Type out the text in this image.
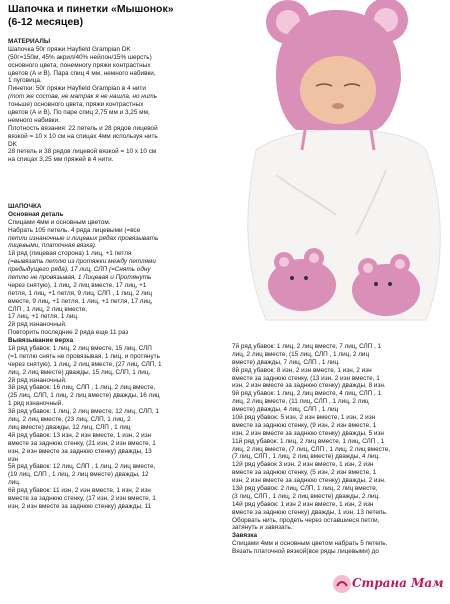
Шапочка и пинетки «Мышонок»
(6-12 месяцев)
МАТЕРИАЛЫ
Шапочка 50г пряжи Hayfield Grampian DK
(50г=150м, 45% акрил/40% нейлон/15% шерсть)
основного цвета, понемногу пряжи контрастных
цветов (А и В). Пара спиц 4 мм, немного набивки,
1 пуговица.
Пинетки: 50г пряжи Hayfield Grampian в 4 нити
(тот же состав, не матрак я не нашла, но нить
тоньше) основного цвета, пряжи контрастных
цветов (А и В), По паре спиц 2,75 мм и 3,25 мм,
немного набивки.
Плотность вязания: 22 петель и 28 рядов лицевой
вязкой = 10 х 10 см на спицах 4мм используя нить
DK
28 петель и 38 рядов лицевой вязкой = 10 х 10 см
на спицах 3,25 мм пряжей в 4 нити.
ШАПОЧКА
Основная деталь
Спицами 4мм и основным цветом.
Набрать 105 петель. 4 ряда лицевыми (=все
петли изнаночные и лицевых рядах провязывать
лицевыми, платочная вязка).
1й ряд (лицевая сторона) 1 лиц, +1 петля
(=вывязать петлю из протяжки между петлями
предыдущего ряда), 17 лиц, СЛП (=Снять одну
петлю не провязывая, 1 Лицевая и Протянуть
через снятую), 1 лиц, 2 лиц вместе, 17 лиц, +1
петля, 1 лиц, +1 петля, 9 лиц, СЛП , 1 лиц, 2 лиц
вместе, 9 лиц, +1 петля, 1 лиц, +1 петля, 17 лиц,
СЛП , 1 лиц, 2 лиц вместе,
17 лиц, +1 петля, 1 лиц.
2й ряд изнаночный.
Повторить последние 2 ряда еще 11 раз
Вывязывание верха
1й ряд убавок: 1 лиц, 2 лиц вместе, 15 лиц, СЛП
(=1 петлю снять не провязывая, 1 лиц, и протянуть
через снятую), 1 лиц, 2 лиц вместе, (27 лиц, СЛП, 1
лиц, 2 лиц вместе) дважды, 15 лиц, СЛП, 1 лиц,
2й ряд изнаночный.
3й ряд убавок: 16 лиц, СЛП , 1 лиц, 2 лиц вместе,
(25 лиц, СЛП, 1 лиц, 2 лиц вместе) дважды, 16 лиц
1 ряд изнаночный.
3й ряд убавок: 1 лиц, 2 лиц вместе, 12 лиц, СЛП, 1
лиц, 2 лиц вместе, (23 лиц, СЛП, 1 лиц, 2
лиц вместе) дважды, 12 лиц, СЛП , 1 лиц
4й ряд убавок: 13 изн, 2 изн вместе, 1 изн, 2 изн
вместе за заднюю стенку, (21 изн, 2 изн вместе, 1
изн, 2 изн вместе за заднюю стенку) дважды, 13
изн
5й ряд убавок: 12 лиц, СЛП , 1 лиц, 2 лиц вместе,
(19 лиц, СЛП , 1 лиц, 2 лиц вместе) дважды, 12
лиц.
6й ряд убавок: 11 изн, 2 изн вместе, 1 изн, 2 изн
вместе за заднюю стенку, (17 изн, 2 изн вместе, 1
изн, 2 изн вместе за заднюю стенку) дважды, 11
7й ряд убавок: 1 лиц, 2 лиц вместе, 7 лиц, СЛП , 1
лиц, 2 лиц вместе, (15 лиц, СЛП , 1 лиц, 2 лиц
вместе) дважды, 7 лиц, СЛП , 1 лиц.
8й ряд убавок: 8 изн, 2 изн вместе, 1 изн, 2 изн
вместе за заднюю стенку, (13 изн, 2 изн вместе, 1
изн, 2 изн вместе за заднюю стенку) дважды, 8 изн.
9й ряд убавок: 1 лиц, 2 лиц вместе, 4 лиц, СЛП , 1
лиц, 2 лиц вместе, (11 лиц, СЛП , 1 лиц, 2 лиц
вместе) дважды, 4 лиц, СЛП , 1 лиц
10й ряд убавок: 5 изн, 2 изн вместе, 1 изн, 2 изн
вместе за заднюю стенку, (9 изн, 2 изн вместе, 1
изн, 2 изн вместе за заднюю стенку) дважды, 5 изн
11й ряд убавок: 1 лиц, 2 лиц вместе, 1 лиц, СЛП , 1
лиц, 2 лиц вместе, (7 лиц, СЛП , 1 лиц, 2 лиц вместе,
(7 лиц, СЛП , 1 лиц, 2 лиц вместе) дважды, 4 лиц.
12й ряд убавок 3 изн, 2 изн вместе, 1 изн, 2 изн
вместе за заднюю стенку, (5 изн, 2 изн вместе, 1
изн, 2 изн вместе за заднюю стенку) дважды, 2 изн.
13й ряд убавок: 2 лиц, СЛП, 1 лиц, 2 лиц вместе,
(3 лиц, СЛП , 1 лиц, 2 лиц вместе) дважды, 2 лиц.
14й ряд убавок: 1 изн 2 изн вместе, 1 изн, 2 изн
вместе за заднюю стенку) дважды, 1 изн. 13 петель.
Оборвать нить, продеть через оставшиеся петли,
затянуть и завязать.
Завязка
Спицами 4мм и основным цветом набрать 5 петель.
Вязать платочной вязкой(все ряды лицевыми) до
Страна Мам
